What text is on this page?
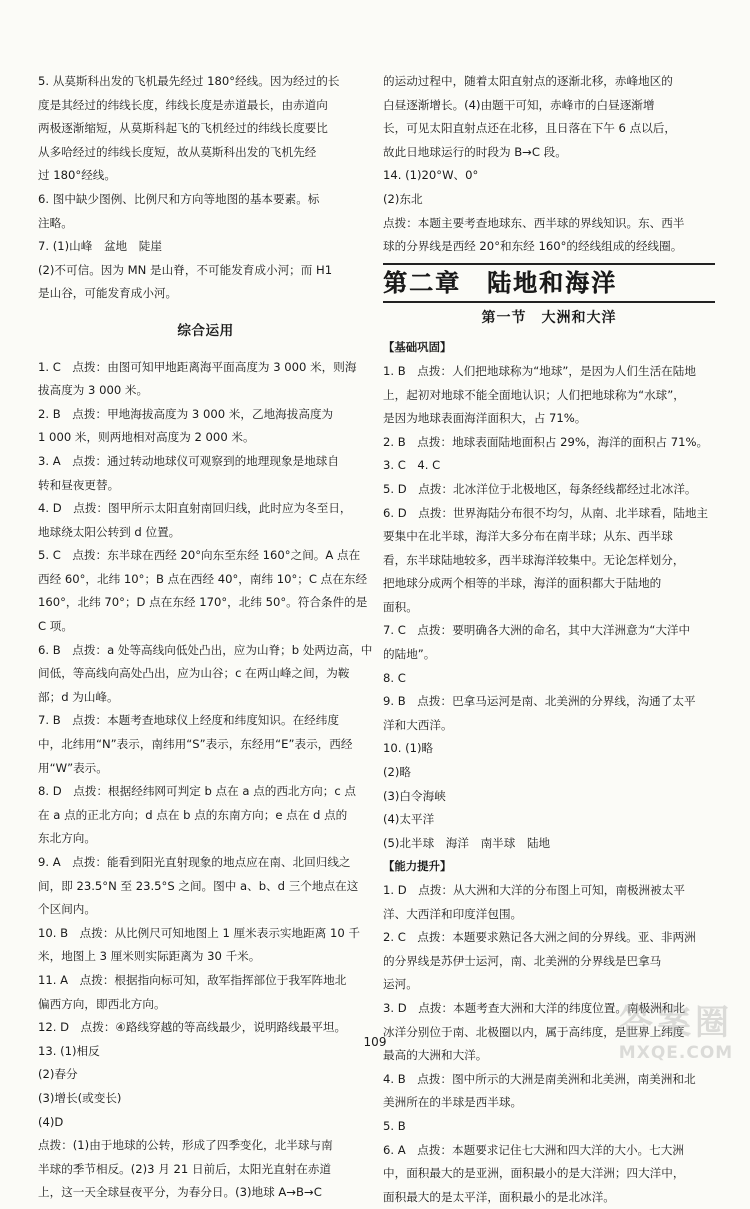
5. 从莫斯科出发的飞机最先经过 180°经线。因为经过的长
度是其经过的纬线长度，纬线长度是赤道最长，由赤道向
两极逐渐缩短，从莫斯科起飞的飞机经过的纬线长度要比
从多哈经过的纬线长度短，故从莫斯科出发的飞机先经
过 180°经线。
6. 图中缺少图例、比例尺和方向等地图的基本要素。标
注略。
7. (1)山峰　盆地　陡崖
(2)不可信。因为 MN 是山脊，不可能发育成小河；而 H1
是山谷，可能发育成小河。
综合运用
1. C　点拨：由图可知甲地距离海平面高度为 3 000 米，则海
拔高度为 3 000 米。
2. B　点拨：甲地海拔高度为 3 000 米，乙地海拔高度为
1 000 米，则两地相对高度为 2 000 米。
3. A　点拨：通过转动地球仪可观察到的地理现象是地球自
转和昼夜更替。
4. D　点拨：图甲所示太阳直射南回归线，此时应为冬至日，
地球绕太阳公转到 d 位置。
5. C　点拨：东半球在西经 20°向东至东经 160°之间。A 点在
西经 60°，北纬 10°；B 点在西经 40°，南纬 10°；C 点在东经
160°，北纬 70°；D 点在东经 170°，北纬 50°。符合条件的是
C 项。
6. B　点拨：a 处等高线向低处凸出，应为山脊；b 处两边高，中
间低，等高线向高处凸出，应为山谷；c 在两山峰之间，为鞍
部；d 为山峰。
7. B　点拨：本题考查地球仪上经度和纬度知识。在经纬度
中，北纬用“N”表示，南纬用“S”表示，东经用“E”表示，西经
用“W”表示。
8. D　点拨：根据经纬网可判定 b 点在 a 点的西北方向；c 点
在 a 点的正北方向；d 点在 b 点的东南方向；e 点在 d 点的
东北方向。
9. A　点拨：能看到阳光直射现象的地点应在南、北回归线之
间，即 23.5°N 至 23.5°S 之间。图中 a、b、d 三个地点在这
个区间内。
10. B　点拨：从比例尺可知地图上 1 厘米表示实地距离 10 千
米，地图上 3 厘米则实际距离为 30 千米。
11. A　点拨：根据指向标可知，敌军指挥部位于我军阵地北
偏西方向，即西北方向。
12. D　点拨：④路线穿越的等高线最少，说明路线最平坦。
13. (1)相反
(2)春分
(3)增长(或变长)
(4)D
点拨：(1)由于地球的公转，形成了四季变化，北半球与南
半球的季节相反。(2)3 月 21 日前后，太阳光直射在赤道
上，这一天全球昼夜平分，为春分日。(3)地球 A→B→C
的运动过程中，随着太阳直射点的逐渐北移，赤峰地区的
白昼逐渐增长。(4)由题干可知，赤峰市的白昼逐渐增
长，可见太阳直射点还在北移，且日落在下午 6 点以后，
故此日地球运行的时段为 B→C 段。
14. (1)20°W、0°
(2)东北
点拨：本题主要考查地球东、西半球的界线知识。东、西半
球的分界线是西经 20°和东经 160°的经线组成的经线圈。
第二章　陆地和海洋
第一节　大洲和大洋
【基础巩固】
1. B　点拨：人们把地球称为“地球”，是因为人们生活在陆地
上，起初对地球不能全面地认识；人们把地球称为“水球”，
是因为地球表面海洋面积大，占 71%。
2. B　点拨：地球表面陆地面积占 29%，海洋的面积占 71%。
3. C　4. C
5. D　点拨：北冰洋位于北极地区，每条经线都经过北冰洋。
6. D　点拨：世界海陆分布很不均匀，从南、北半球看，陆地主
要集中在北半球，海洋大多分布在南半球；从东、西半球
看，东半球陆地较多，西半球海洋较集中。无论怎样划分，
把地球分成两个相等的半球，海洋的面积都大于陆地的
面积。
7. C　点拨：要明确各大洲的命名，其中大洋洲意为“大洋中
的陆地”。
8. C
9. B　点拨：巴拿马运河是南、北美洲的分界线，沟通了太平
洋和大西洋。
10. (1)略
(2)略
(3)白令海峡
(4)太平洋
(5)北半球　海洋　南半球　陆地
【能力提升】
1. D　点拨：从大洲和大洋的分布图上可知，南极洲被太平
洋、大西洋和印度洋包围。
2. C　点拨：本题要求熟记各大洲之间的分界线。亚、非两洲
的分界线是苏伊士运河，南、北美洲的分界线是巴拿马
运河。
3. D　点拨：本题考查大洲和大洋的纬度位置。南极洲和北
冰洋分别位于南、北极圈以内，属于高纬度，是世界上纬度
最高的大洲和大洋。
4. B　点拨：图中所示的大洲是南美洲和北美洲，南美洲和北
美洲所在的半球是西半球。
5. B
6. A　点拨：本题要求记住七大洲和四大洋的大小。七大洲
中，面积最大的是亚洲，面积最小的是大洋洲；四大洋中，
面积最大的是太平洋，面积最小的是北冰洋。
109	答案圈
MXQE.COM
